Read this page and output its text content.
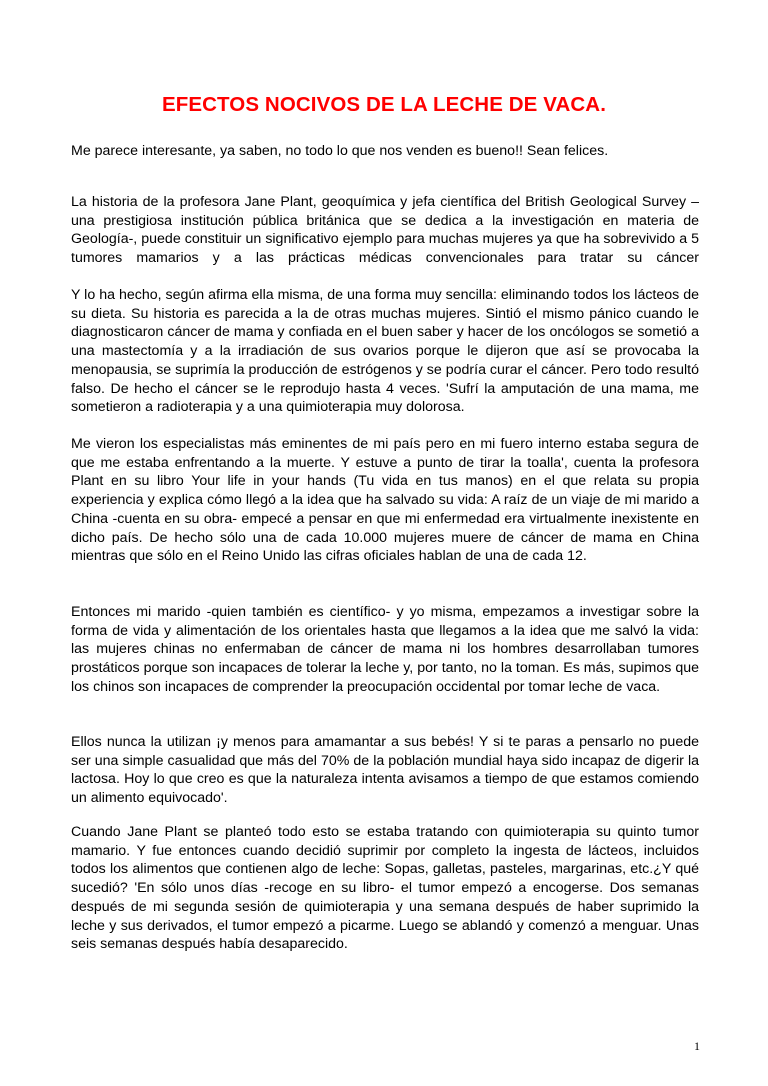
EFECTOS NOCIVOS DE LA LECHE DE VACA.

Me parece interesante, ya saben, no todo lo que nos venden es bueno!! Sean felices.

La historia de la profesora Jane Plant, geoquímica y jefa científica del British Geological Survey –una prestigiosa institución pública británica que se dedica a la investigación en materia de Geología-, puede constituir un significativo ejemplo para muchas mujeres ya que ha sobrevivido a 5 tumores mamarios y a las prácticas médicas convencionales para tratar su cáncer

Y lo ha hecho, según afirma ella misma, de una forma muy sencilla: eliminando todos los lácteos de su dieta. Su historia es parecida a la de otras muchas mujeres. Sintió el mismo pánico cuando le diagnosticaron cáncer de mama y confiada en el buen saber y hacer de los oncólogos se sometió a una mastectomía y a la irradiación de sus ovarios porque le dijeron que así se provocaba la menopausia, se suprimía la producción de estrógenos y se podría curar el cáncer. Pero todo resultó falso. De hecho el cáncer se le reprodujo hasta 4 veces. 'Sufrí la amputación de una mama, me sometieron a radioterapia y a una quimioterapia muy dolorosa.

Me vieron los especialistas más eminentes de mi país pero en mi fuero interno estaba segura de que me estaba enfrentando a la muerte. Y estuve a punto de tirar la toalla', cuenta la profesora Plant en su libro Your life in your hands (Tu vida en tus manos) en el que relata su propia experiencia y explica cómo llegó a la idea que ha salvado su vida: A raíz de un viaje de mi marido a China -cuenta en su obra- empecé a pensar en que mi enfermedad era virtualmente inexistente en dicho país. De hecho sólo una de cada 10.000 mujeres muere de cáncer de mama en China mientras que sólo en el Reino Unido las cifras oficiales hablan de una de cada 12.

Entonces mi marido -quien también es científico- y yo misma, empezamos a investigar sobre la forma de vida y alimentación de los orientales hasta que llegamos a la idea que me salvó la vida: las mujeres chinas no enfermaban de cáncer de mama ni los hombres desarrollaban tumores prostáticos porque son incapaces de tolerar la leche y, por tanto, no la toman. Es más, supimos que los chinos son incapaces de comprender la preocupación occidental por tomar leche de vaca.

Ellos nunca la utilizan ¡y menos para amamantar a sus bebés! Y si te paras a pensarlo no puede ser una simple casualidad que más del 70% de la población mundial haya sido incapaz de digerir la lactosa. Hoy lo que creo es que la naturaleza intenta avisamos a tiempo de que estamos comiendo un alimento equivocado'.

Cuando Jane Plant se planteó todo esto se estaba tratando con quimioterapia su quinto tumor mamario. Y fue entonces cuando decidió suprimir por completo la ingesta de lácteos, incluidos todos los alimentos que contienen algo de leche: Sopas, galletas, pasteles, margarinas, etc.¿Y qué sucedió? 'En sólo unos días -recoge en su libro- el tumor empezó a encogerse. Dos semanas después de mi segunda sesión de quimioterapia y una semana después de haber suprimido la leche y sus derivados, el tumor empezó a picarme. Luego se ablandó y comenzó a menguar. Unas seis semanas después había desaparecido.

1
